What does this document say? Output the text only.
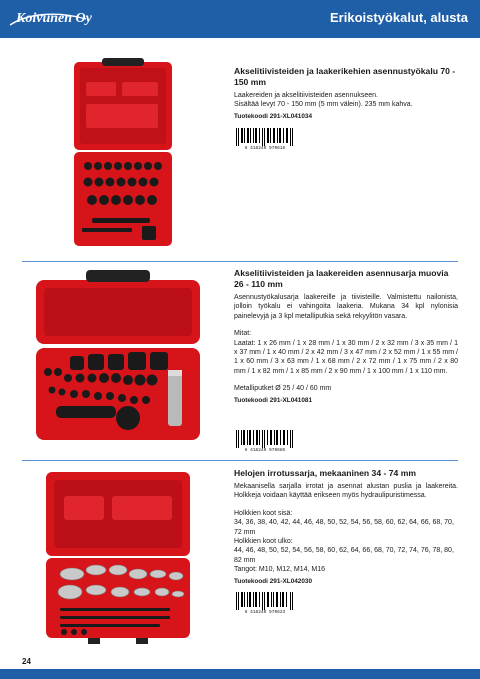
Koivunen Oy	Erikoistyökalut, alusta
Akselitiivisteiden ja laakerikehien asennustyökalu 70 - 150 mm

Laakereiden ja akselitiivisteiden asennukseen.

Sisältää levyt 70 - 150 mm (5 mm välein). 235 mm kahva.

Tuotekoodi 291-XL041034
6 416240 970616
Akselitiivisteiden ja laakereiden asennusarja muovia 26 - 110 mm

Asennustyökalusarja laakereille ja tiivisteille. Valmistettu nailonista, jolloin työkalu ei vahingoita laakeria. Mukana 34 kpl nylonisia painelevyjä ja 3 kpl metalliputkia sekä rekyylitön vasara.

Mitat:

Laatat: 1 x 26 mm / 1 x 28 mm / 1 x 30 mm / 2 x 32 mm / 3 x 35 mm / 1 x 37 mm / 1 x 40 mm / 2 x 42 mm / 3 x 47 mm / 2 x 52 mm / 1 x 55 mm / 1 x 60 mm / 3 x 63 mm / 1 x 68 mm / 2 x 72 mm / 1 x 75 mm / 2 x 80 mm / 1 x 82 mm / 1 x 85 mm / 2 x 90 mm / 1 x 100 mm / 1 x 110 mm.

Metalliputket Ø 25 / 40 / 60 mm

Tuotekoodi 291-XL041081
6 416240 970685
Helojen irrotussarja, mekaaninen 34 - 74 mm

Mekaanisella sarjalla irrotat ja asennat alustan puslia ja laakereita. Holkkeja voidaan käyttää erikseen myös hydraulipuristimessa.

Holkkien koot sisä:

34, 36, 38, 40, 42, 44, 46, 48, 50, 52, 54, 56, 58, 60, 62, 64, 66, 68, 70, 72 mm

Holkkien koot ulko:

44, 46, 48, 50, 52, 54, 56, 58, 60, 62, 64, 66, 68, 70, 72, 74, 76, 78, 80, 82 mm

Tangot: M10, M12, M14, M16

Tuotekoodi 291-XL042030
6 416240 970623
24
